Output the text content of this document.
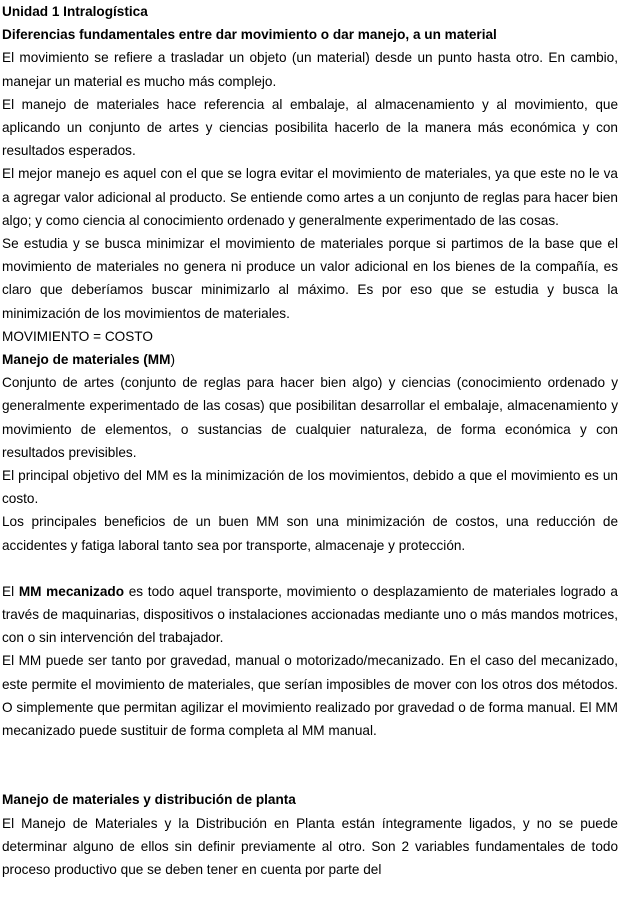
Unidad 1 Intralogística
Diferencias fundamentales entre dar movimiento o dar manejo, a un material

El movimiento se refiere a trasladar un objeto (un material) desde un punto hasta otro. En cambio, manejar un material es mucho más complejo.

El manejo de materiales hace referencia al embalaje, al almacenamiento y al movimiento, que aplicando un conjunto de artes y ciencias posibilita hacerlo de la manera más económica y con resultados esperados.

El mejor manejo es aquel con el que se logra evitar el movimiento de materiales, ya que este no le va a agregar valor adicional al producto. Se entiende como artes a un conjunto de reglas para hacer bien algo; y como ciencia al conocimiento ordenado y generalmente experimentado de las cosas.

Se estudia y se busca minimizar el movimiento de materiales porque si partimos de la base que el movimiento de materiales no genera ni produce un valor adicional en los bienes de la compañía, es claro que deberíamos buscar minimizarlo al máximo. Es por eso que se estudia y busca la minimización de los movimientos de materiales.

MOVIMIENTO = COSTO

Manejo de materiales (MM)

Conjunto de artes (conjunto de reglas para hacer bien algo) y ciencias (conocimiento ordenado y generalmente experimentado de las cosas) que posibilitan desarrollar el embalaje, almacenamiento y movimiento de elementos, o sustancias de cualquier naturaleza, de forma económica y con resultados previsibles.

El principal objetivo del MM es la minimización de los movimientos, debido a que el movimiento es un costo.

Los principales beneficios de un buen MM son una minimización de costos, una reducción de accidentes y fatiga laboral tanto sea por transporte, almacenaje y protección.

El MM mecanizado es todo aquel transporte, movimiento o desplazamiento de materiales logrado a través de maquinarias, dispositivos o instalaciones accionadas mediante uno o más mandos motrices, con o sin intervención del trabajador.

El MM puede ser tanto por gravedad, manual o motorizado/mecanizado. En el caso del mecanizado, este permite el movimiento de materiales, que serían imposibles de mover con los otros dos métodos. O simplemente que permitan agilizar el movimiento realizado por gravedad o de forma manual. El MM mecanizado puede sustituir de forma completa al MM manual.

Manejo de materiales y distribución de planta

El Manejo de Materiales y la Distribución en Planta están íntegramente ligados, y no se puede determinar alguno de ellos sin definir previamente al otro. Son 2 variables fundamentales de todo proceso productivo que se deben tener en cuenta por parte del
